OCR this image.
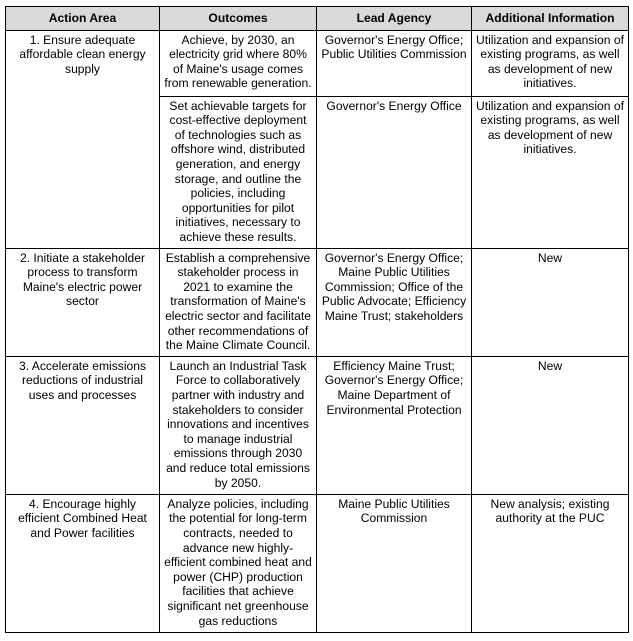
Action Area	Outcomes	Lead Agency	Additional Information
1. Ensure adequate affordable clean energy supply	Achieve, by 2030, an electricity grid where 80% of Maine's usage comes from renewable generation.	Governor's Energy Office; Public Utilities Commission	Utilization and expansion of existing programs, as well as development of new initiatives.
	Set achievable targets for cost-effective deployment of technologies such as offshore wind, distributed generation, and energy storage, and outline the policies, including opportunities for pilot initiatives, necessary to achieve these results.	Governor's Energy Office	Utilization and expansion of existing programs, as well as development of new initiatives.
2. Initiate a stakeholder process to transform Maine's electric power sector	Establish a comprehensive stakeholder process in 2021 to examine the transformation of Maine's electric sector and facilitate other recommendations of the Maine Climate Council.	Governor's Energy Office; Maine Public Utilities Commission; Office of the Public Advocate; Efficiency Maine Trust; stakeholders	New
3. Accelerate emissions reductions of industrial uses and processes	Launch an Industrial Task Force to collaboratively partner with industry and stakeholders to consider innovations and incentives to manage industrial emissions through 2030 and reduce total emissions by 2050.	Efficiency Maine Trust; Governor's Energy Office; Maine Department of Environmental Protection	New
4. Encourage highly efficient Combined Heat and Power facilities	Analyze policies, including the potential for long-term contracts, needed to advance new highly-efficient combined heat and power (CHP) production facilities that achieve significant net greenhouse gas reductions	Maine Public Utilities Commission	New analysis; existing authority at the PUC
